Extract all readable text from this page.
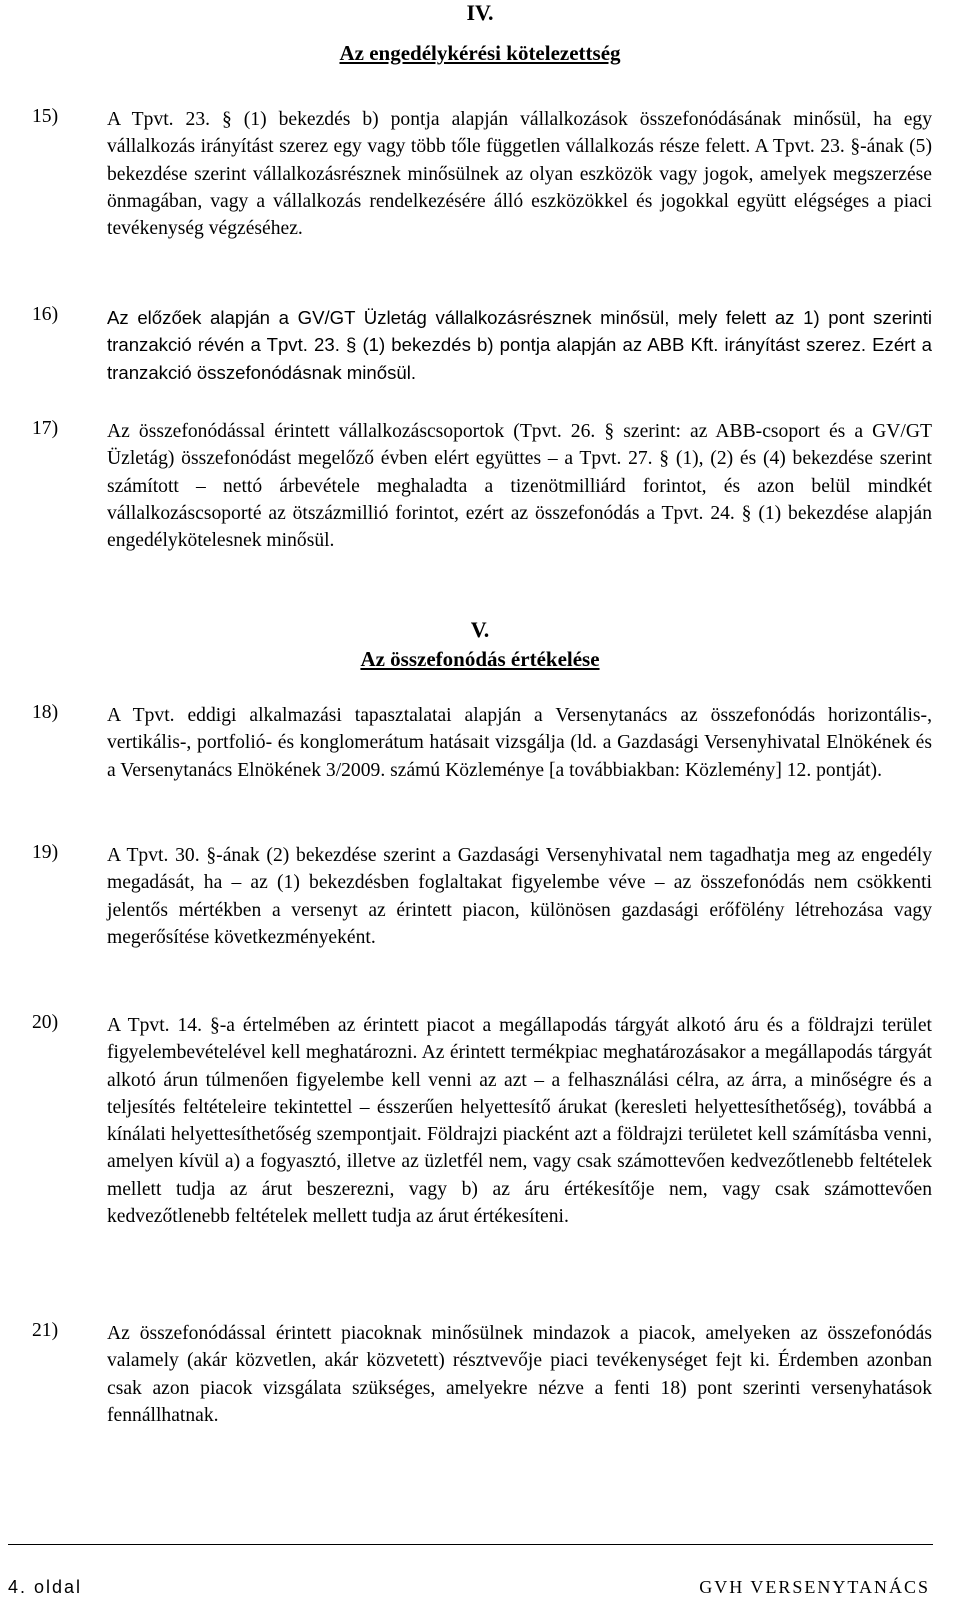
IV.
Az engedélykérési kötelezettség
15)	A Tpvt. 23. § (1) bekezdés b) pontja alapján vállalkozások összefonódásának minősül, ha egy vállalkozás irányítást szerez egy vagy több tőle független vállalkozás része felett. A Tpvt. 23. §-ának (5) bekezdése szerint vállalkozásrésznek minősülnek az olyan eszközök vagy jogok, amelyek megszerzése önmagában, vagy a vállalkozás rendelkezésére álló eszközökkel és jogokkal együtt elégséges a piaci tevékenység végzéséhez.
16)	Az előzőek alapján a GV/GT Üzletág vállalkozásrésznek minősül, mely felett az 1) pont szerinti tranzakció révén a Tpvt. 23. § (1) bekezdés b) pontja alapján az ABB Kft. irányítást szerez. Ezért a tranzakció összefonódásnak minősül.
17)	Az összefonódással érintett vállalkozáscsoportok (Tpvt. 26. § szerint: az ABB-csoport és a GV/GT Üzletág) összefonódást megelőző évben elért együttes – a Tpvt. 27. § (1), (2) és (4) bekezdése szerint számított – nettó árbevétele meghaladta a tizenötmilliárd forintot, és azon belül mindkét vállalkozáscsoporté az ötszázmillió forintot, ezért az összefonódás a Tpvt. 24. § (1) bekezdése alapján engedélykötelesnek minősül.
V.
Az összefonódás értékelése
18)	A Tpvt. eddigi alkalmazási tapasztalatai alapján a Versenytanács az összefonódás horizontális-, vertikális-, portfolió- és konglomerátum hatásait vizsgálja (ld. a Gazdasági Versenyhivatal Elnökének és a Versenytanács Elnökének 3/2009. számú Közleménye [a továbbiakban: Közlemény] 12. pontját).
19)	A Tpvt. 30. §-ának (2) bekezdése szerint a Gazdasági Versenyhivatal nem tagadhatja meg az engedély megadását, ha – az (1) bekezdésben foglaltakat figyelembe véve – az összefonódás nem csökkenti jelentős mértékben a versenyt az érintett piacon, különösen gazdasági erőfölény létrehozása vagy megerősítése következményeként.
20)	A Tpvt. 14. §-a értelmében az érintett piacot a megállapodás tárgyát alkotó áru és a földrajzi terület figyelembevételével kell meghatározni. Az érintett termékpiac meghatározásakor a megállapodás tárgyát alkotó árun túlmenően figyelembe kell venni az azt – a felhasználási célra, az árra, a minőségre és a teljesítés feltételeire tekintettel – ésszerűen helyettesítő árukat (keresleti helyettesíthetőség), továbbá a kínálati helyettesíthetőség szempontjait. Földrajzi piacként azt a földrajzi területet kell számításba venni, amelyen kívül a) a fogyasztó, illetve az üzletfél nem, vagy csak számottevően kedvezőtlenebb feltételek mellett tudja az árut beszerezni, vagy b) az áru értékesítője nem, vagy csak számottevően kedvezőtlenebb feltételek mellett tudja az árut értékesíteni.
21)	Az összefonódással érintett piacoknak minősülnek mindazok a piacok, amelyeken az összefonódás valamely (akár közvetlen, akár közvetett) résztvevője piaci tevékenységet fejt ki. Érdemben azonban csak azon piacok vizsgálata szükséges, amelyekre nézve a fenti 18) pont szerinti versenyhatások fennállhatnak.
4. oldal	GVH VERSENYTANÁCS
